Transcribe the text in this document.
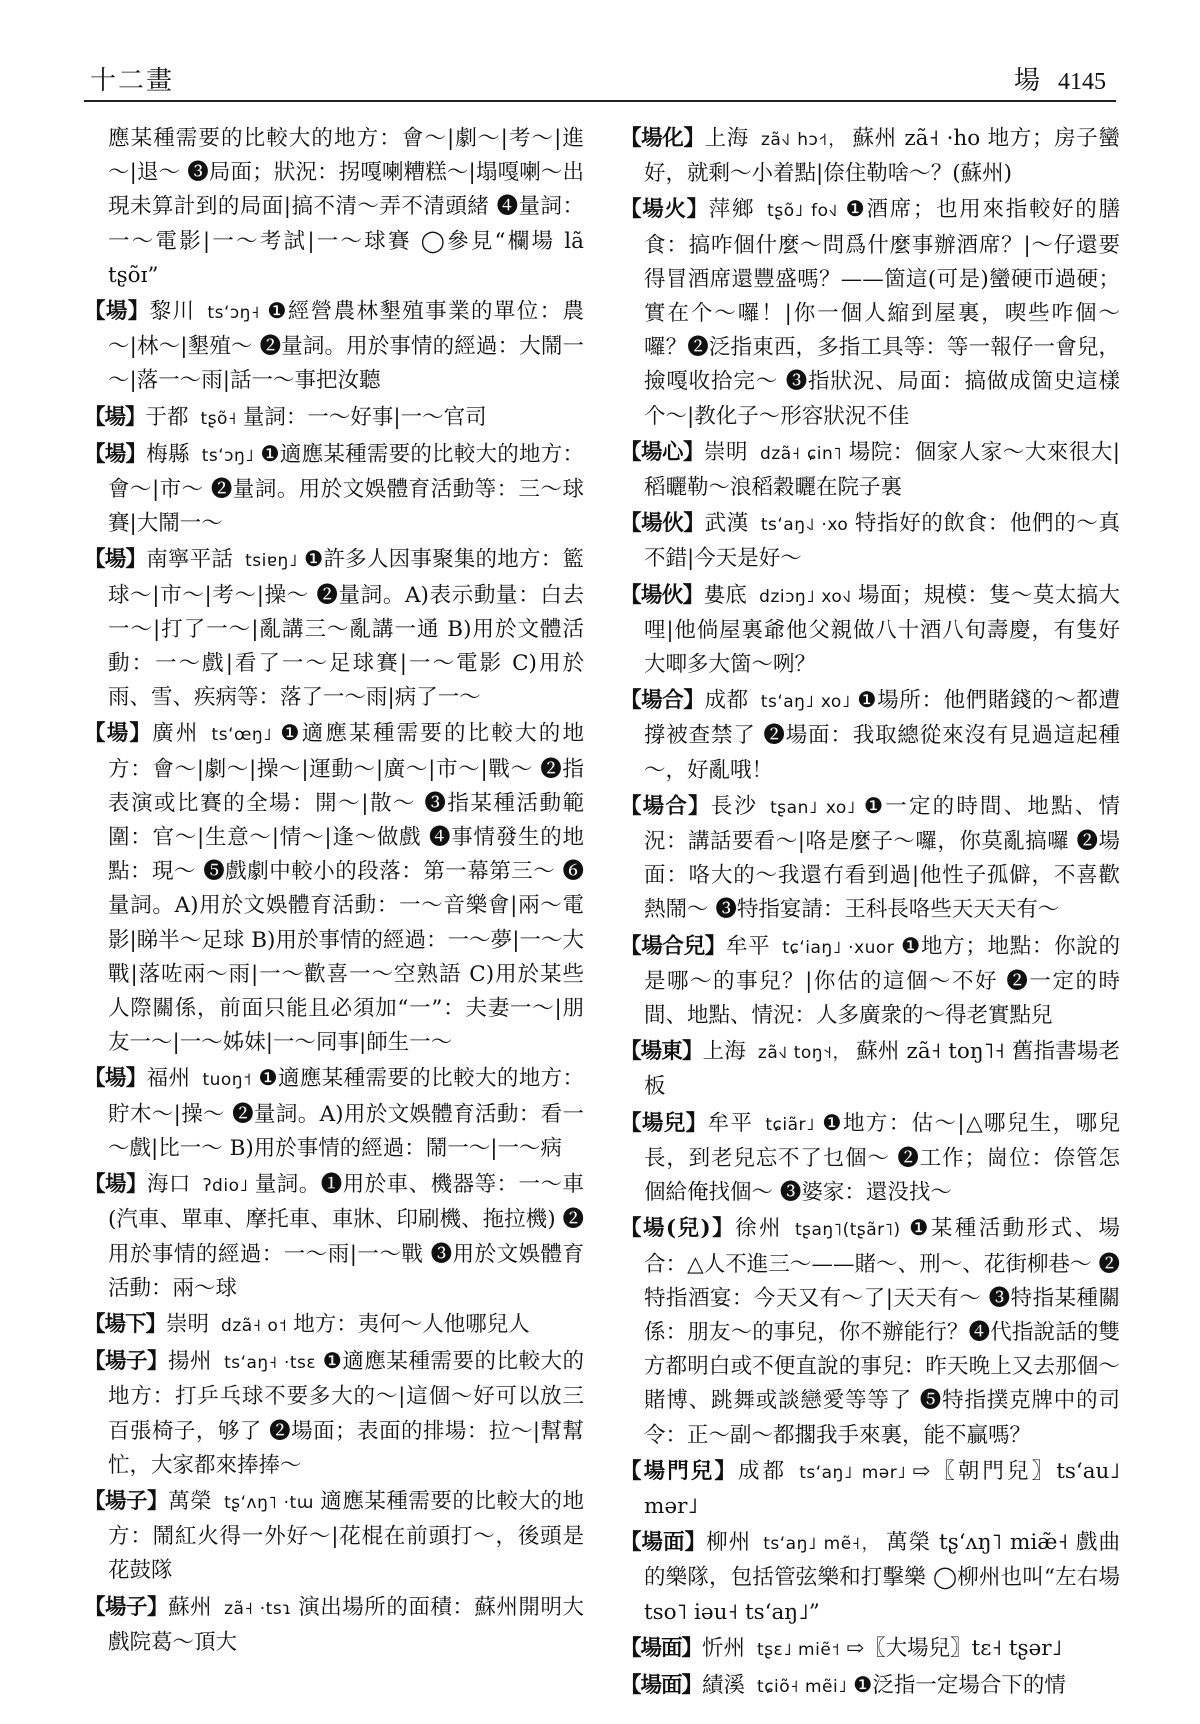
十二畫	場 4145

應某種需要的比較大的地方：會～|劇～|考～|進～|退～ ❸局面；狀況：拐嘎喇糟糕～|塌嘎喇～出現未算計到的局面|搞不清～弄不清頭緒 ❹量詞：一～電影|一～考試|一～球賽 ◯參見“欄場 lã tʂõɪ”

【場】黎川 tsʻɔŋ˧ ❶經營農林墾殖事業的單位：農～|林～|墾殖～ ❷量詞。用於事情的經過：大鬧一～|落一～雨|話一～事把汝聽

【場】于都 tʂõ˧ 量詞：一～好事|一～官司

【場】梅縣 tsʻɔŋ˩ ❶適應某種需要的比較大的地方：會～|市～ ❷量詞。用於文娛體育活動等：三～球賽|大鬧一～

【場】南寧平話 tsiɐŋ˩ ❶許多人因事聚集的地方：籃球～|市～|考～|操～ ❷量詞。A)表示動量：白去一～|打了一～|亂講三～亂講一通 B)用於文體活動：一～戲|看了一～足球賽|一～電影 C)用於雨、雪、疾病等：落了一～雨|病了一～

【場】廣州 tsʻœŋ˩ ❶適應某種需要的比較大的地方：會～|劇～|操～|運動～|廣～|市～|戰～ ❷指表演或比賽的全場：開～|散～ ❸指某種活動範圍：官～|生意～|情～|逢～做戲 ❹事情發生的地點：現～ ❺戲劇中較小的段落：第一幕第三～ ❻量詞。A)用於文娛體育活動：一～音樂會|兩～電影|睇半～足球 B)用於事情的經過：一～夢|一～大戰|落咗兩～雨|一～歡喜一～空熟語 C)用於某些人際關係，前面只能且必須加“一”：夫妻一～|朋友一～|一～姊妹|一～同事|師生一～

【場】福州 tuoŋ˦ ❶適應某種需要的比較大的地方：貯木～|操～ ❷量詞。A)用於文娛體育活動：看一～戲|比一～ B)用於事情的經過：鬧一～|一～病

【場】海口 ʔdio˩ 量詞。❶用於車、機器等：一～車(汽車、單車、摩托車、車牀、印刷機、拖拉機) ❷用於事情的經過：一～雨|一～戰 ❸用於文娛體育活動：兩～球

【場下】崇明 dzã˧ o˦ 地方：夷何～人他哪兒人

【場子】揚州 tsʻaŋ˧ ·tsɛ ❶適應某種需要的比較大的地方：打乒乓球不要多大的～|這個～好可以放三百張椅子，够了 ❷場面；表面的排場：拉～|幫幫忙，大家都來捧捧～

【場子】萬榮 tʂʻʌŋ˥ ·tɯ 適應某種需要的比較大的地方：鬧紅火得一外好～|花棍在前頭打～，後頭是花鼓隊

【場子】蘇州 zã˧ ·tsɿ 演出場所的面積：蘇州開明大戲院葛～頂大

【場化】上海 zã˧˩ hɔ˧˦， 蘇州 zã˧ ·ho 地方；房子蠻好，就剩～小着點|倷住勒啥～？(蘇州)

【場火】萍鄉 tʂõ˩ fo˧˩ ❶酒席；也用來指較好的膳食：搞咋個什麼～問爲什麼事辦酒席？|～仔還要得冒酒席還豐盛嗎？——箇這(可是)蠻硬帀過硬；實在个～囉！|你一個人縮到屋裏，喫些咋個～囉？❷泛指東西，多指工具等：等一報仔一會兒，撿嘎收拾完～ ❸指狀況、局面：搞做成箇史這樣个～|教化子～形容狀況不佳

【場心】崇明 dzã˧ ɕin˥ 場院：個家人家～大來很大|稻曬勒～浪稻穀曬在院子裏

【場伙】武漢 tsʻaŋ˨˩ ·xo 特指好的飲食：他們的～真不錯|今天是好～

【場伙】婁底 dziɔŋ˩ xo˧˩ 場面；規模：隻～莫太搞大哩|他倘屋裏爺他父親做八十酒八旬壽慶，有隻好大唧多大箇～咧？

【場合】成都 tsʻaŋ˩ xo˩ ❶場所：他們賭錢的～都遭撐被查禁了 ❷場面：我取總從來沒有見過這起種～，好亂哦！

【場合】長沙 tʂan˩ xo˩ ❶一定的時間、地點、情況：講話要看～|咯是麼子～囉，你莫亂搞囉 ❷場面：咯大的～我還冇看到過|他性子孤僻，不喜歡熱鬧～ ❸特指宴請：王科長咯些天天天有～

【場合兒】牟平 tɕʻiaŋ˩ ·xuor ❶地方；地點：你說的是哪～的事兒？|你估的這個～不好 ❷一定的時間、地點、情況：人多廣衆的～得老實點兒

【場東】上海 zã˧˩ toŋ˦˧， 蘇州 zã˧ toŋ˥˧ 舊指書場老板

【場兒】牟平 tɕiãr˩ ❶地方：估～|△哪兒生，哪兒長，到老兒忘不了乜個～ ❷工作；崗位：倷管怎個給俺找個～ ❸婆家：還没找～

【場(兒)】徐州 tʂaŋ˥(tʂãr˥) ❶某種活動形式、場合：△人不進三～——賭～、刑～、花街柳巷～ ❷特指酒宴：今天又有～了|天天有～ ❸特指某種關係：朋友～的事兒，你不辦能行？❹代指說話的雙方都明白或不便直說的事兒：昨天晚上又去那個～賭博、跳舞或談戀愛等等了 ❺特指撲克牌中的司令：正～副～都擱我手來裏，能不贏嗎？

【場門兒】成都 tsʻaŋ˩ mər˩ ⇨〖朝門兒〗tsʻau˩ mər˩

【場面】柳州 tsʻaŋ˩ mẽ˧， 萬榮 tʂʻʌŋ˥ miæ̃˧ 戲曲的樂隊，包括管弦樂和打擊樂 ◯柳州也叫“左右場 tso˥ iəu˧ tsʻaŋ˩”

【場面】忻州 tʂɛ˩ miẽ˦ ⇨〖大場兒〗tɛ˧ tʂər˩

【場面】績溪 tɕiõ˧ mẽi˩ ❶泛指一定場合下的情
